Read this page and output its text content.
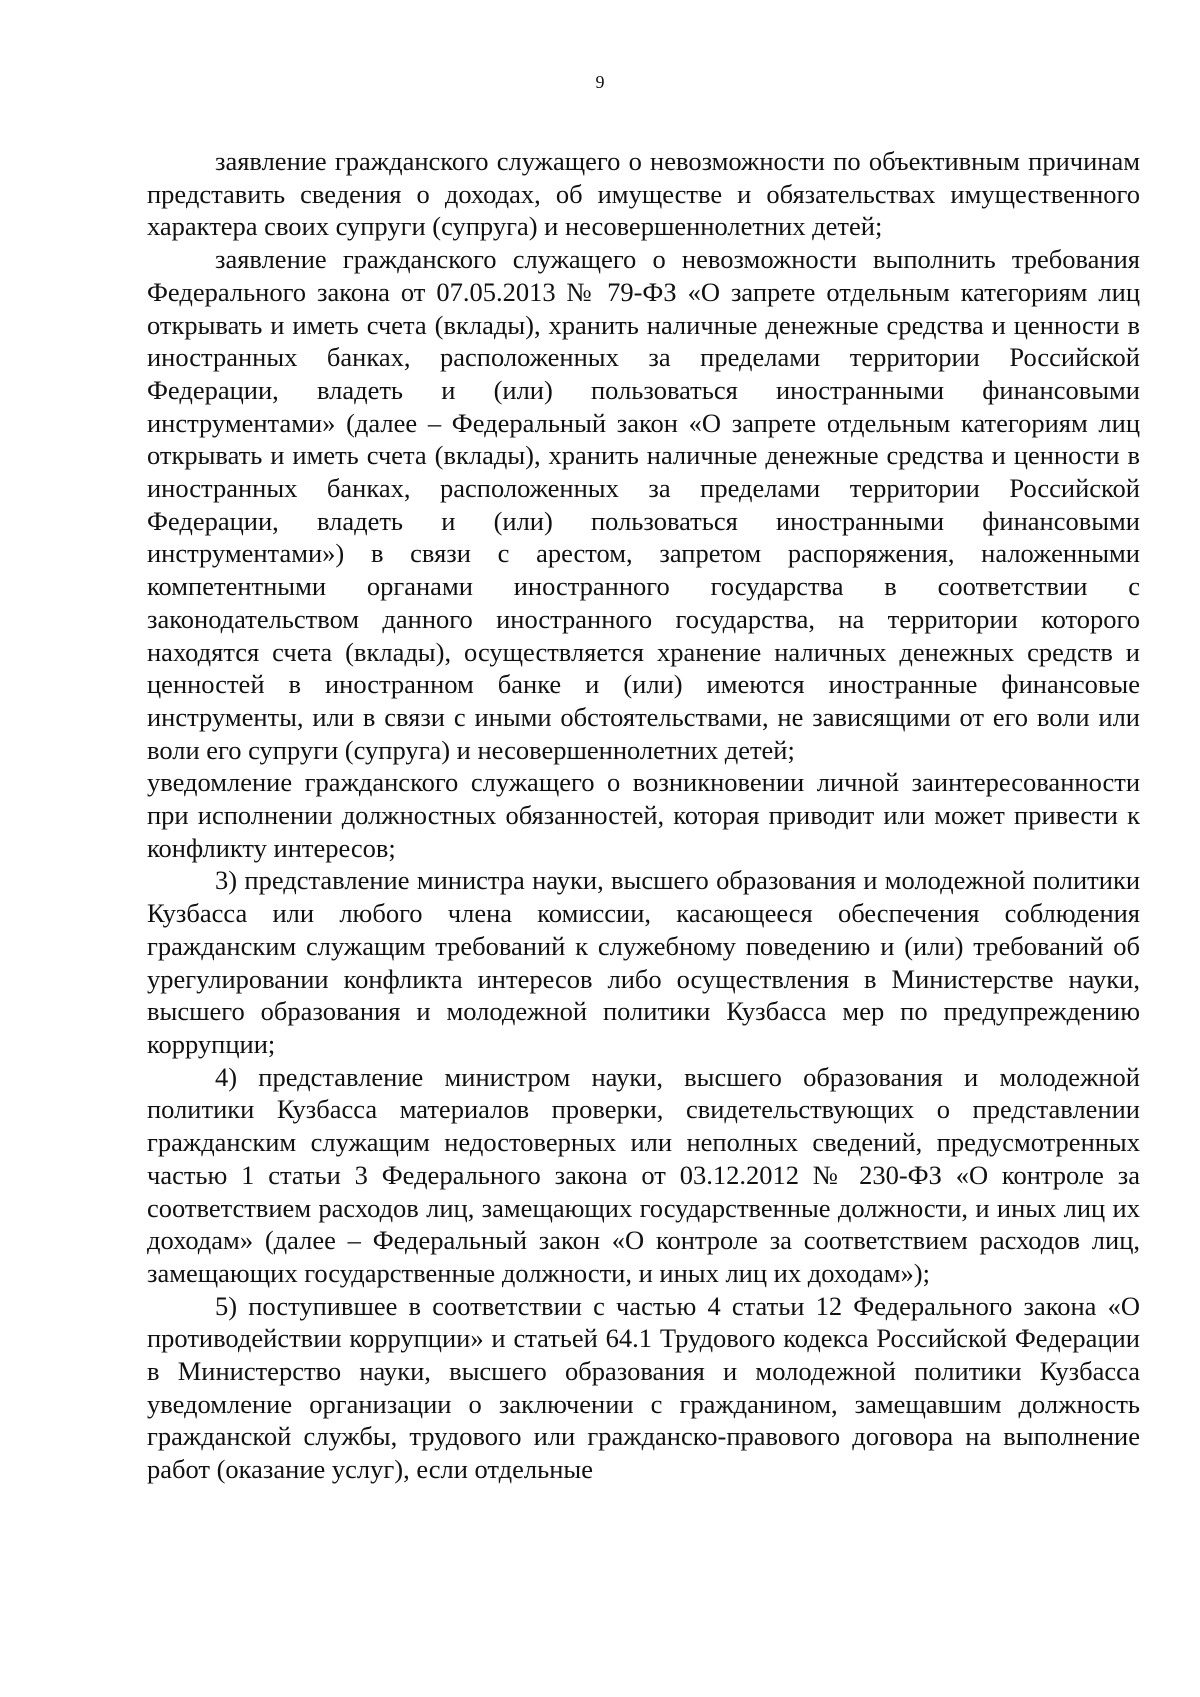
9

заявление гражданского служащего о невозможности по объективным причинам представить сведения о доходах, об имуществе и обязательствах имущественного характера своих супруги (супруга) и несовершеннолетних детей;

заявление гражданского служащего о невозможности выполнить требования Федерального закона от 07.05.2013 № 79-ФЗ «О запрете отдельным категориям лиц открывать и иметь счета (вклады), хранить наличные денежные средства и ценности в иностранных банках, расположенных за пределами территории Российской Федерации, владеть и (или) пользоваться иностранными финансовыми инструментами» (далее – Федеральный закон «О запрете отдельным категориям лиц открывать и иметь счета (вклады), хранить наличные денежные средства и ценности в иностранных банках, расположенных за пределами территории Российской Федерации, владеть и (или) пользоваться иностранными финансовыми инструментами») в связи с арестом, запретом распоряжения, наложенными компетентными органами иностранного государства в соответствии с законодательством данного иностранного государства, на территории которого находятся счета (вклады), осуществляется хранение наличных денежных средств и ценностей в иностранном банке и (или) имеются иностранные финансовые инструменты, или в связи с иными обстоятельствами, не зависящими от его воли или воли его супруги (супруга) и несовершеннолетних детей;

уведомление гражданского служащего о возникновении личной заинтересованности при исполнении должностных обязанностей, которая приводит или может привести к конфликту интересов;

3) представление министра науки, высшего образования и молодежной политики Кузбасса или любого члена комиссии, касающееся обеспечения соблюдения гражданским служащим требований к служебному поведению и (или) требований об урегулировании конфликта интересов либо осуществления в Министерстве науки, высшего образования и молодежной политики Кузбасса мер по предупреждению коррупции;

4) представление министром науки, высшего образования и молодежной политики Кузбасса материалов проверки, свидетельствующих о представлении гражданским служащим недостоверных или неполных сведений, предусмотренных частью 1 статьи 3 Федерального закона от 03.12.2012 № 230-ФЗ «О контроле за соответствием расходов лиц, замещающих государственные должности, и иных лиц их доходам» (далее – Федеральный закон «О контроле за соответствием расходов лиц, замещающих государственные должности, и иных лиц их доходам»);

5) поступившее в соответствии с частью 4 статьи 12 Федерального закона «О противодействии коррупции» и статьей 64.1 Трудового кодекса Российской Федерации в Министерство науки, высшего образования и молодежной политики Кузбасса уведомление организации о заключении с гражданином, замещавшим должность гражданской службы, трудового или гражданско-правового договора на выполнение работ (оказание услуг), если отдельные
